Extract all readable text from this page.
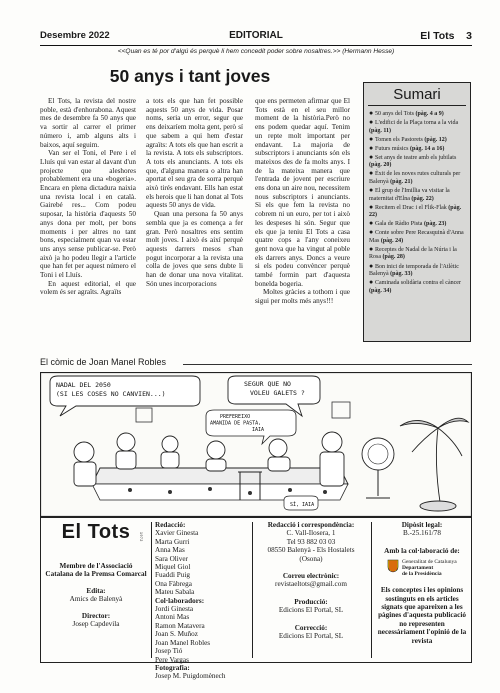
Desembre 2022	EDITORIAL	El Tots 3
<<Quan es té por d'algú és perquè li hem concedit poder sobre nosaltres.>> (Hermann Hesse)
50 anys i tant joves

El Tots, la revista del nostre poble, està d'enhorabona. Aquest mes de desembre fa 50 anys que va sortir al carrer el primer número i, amb alguns alts i baixos, aquí seguim.

Van ser el Toni, el Pere i el Lluís qui van estar al davant d'un projecte que aleshores probablement era una «bogeria». Encara en plena dictadura naixia una revista local i en català. Gairebé res... Com podeu suposar, la història d'aquests 50 anys dona per molt, per bons moments i per altres no tant bons, especialment quan va estar uns anys sense publicar-se. Però això ja ho podeu llegir a l'article que han fet per aquest número el Toni i el Lluís.

En aquest editorial, el que volem és ser agraïts. Agraïts

a tots els que han fet possible aquests 50 anys de vida. Posar noms, seria un error, segur que ens deixaríem molta gent, però sí que sabem a qui hem d'estar agraïts: A tots els que han escrit a la revista. A tots els subscriptors. A tots els anunciants. A tots els que, d'alguna manera o altra han aportat el seu gra de sorra perquè això tirés endavant. Ells han estat els herois que li han donat al Tots aquests 50 anys de vida.

Quan una persona fa 50 anys sembla que ja es comença a fer gran. Però nosaltres ens sentim molt joves. I això és així perquè aquests darrers mesos s'han pogut incorporar a la revista una colla de joves que sens dubte li han de donar una nova vitalitat. Són unes incorporacions

que ens permeten afirmar que El Tots està en el seu millor moment de la història.Però no ens podem quedar aquí. Tenim un repte molt important per endavant. La majoria de subscriptors i anunciants són els mateixos des de fa molts anys. I de la mateixa manera que l'entrada de jovent per escriure ens dona un aire nou, necessitem nous subscriptors i anunciants. Si els que fem la revista no cobrem ni un euro, per tot i això les despeses hi són. Segur que els que ja teniu El Tots a casa quatre cops a l'any coneixeu gent nova que ha vingut al poble els darrers anys. Doncs a veure si els podeu convèncer perquè també formin part d'aquesta bonelda bogeria.

Moltes gràcies a tothom i que sigui per molts més anys!!!

Sumari
● 50 anys del Tots (pàg. 4 a 9)
● L'edifici de la Plaça torna a la vida (pàg. 11)
● Tomen els Pastorets (pàg. 12)
● Futurs músics (pàg. 14 a 16)
● Set anys de teatre amb els jubilats (pàg. 20)
● Èxit de les noves rutes culturals per Balenyà (pàg. 21)
● El grup de l'Imillia va visitar la maternitat d'Elna (pàg. 22)
● Recitem el Drac i el Flik-Flak (pàg. 22)
● Gala de Ràdio Pista (pàg. 23)
● Conte sobre Pere Recasquinà d'Anna Mas (pàg. 24)
● Receptes de Nadal de la Núria i la Rosa (pàg. 28)
● Bon inici de temporada de l'Atlètic Balenyà (pàg. 33)
● Caminada solidària contra el càncer (pàg. 34)
El còmic de Joan Manel Robles
NADAL DEL 2050 (SI LES COSES NO CANVIEN...)
SEGUR QUE NO VOLEU GALETS ?
PREFEREIXO AMANIDA DE PASTA, IAIA
SÍ, IAIA
El Tots	1972
Membre de l'Associació Catalana de la Premsa Comarcal
Edita:
Amics de Balenyà
Director:
Josep Capdevila
Redacció:
Xavier Ginesta
Marta Gurri
Anna Mas
Sara Oliver
Miquel Giol
Fuaddi Puig
Ona Fàbrega
Mateu Sabala
Col·laboradors:
Jordi Ginesta
Antoni Mas
Ramon Matavera
Joan S. Muñoz
Joan Manel Robles
Josep Tió
Pere Vargas
Fotografia:
Josep M. Puigdomènech
Redacció i correspondència:
C. Vall-Ilosera, 1
Tel 93 882 03 03
08550 Balenyà - Els Hostalets
(Osona)
Correu electrònic:
revistaeltots@gmail.com
Producció:
Edicions El Portal, SL
Correcció:
Edicions El Portal, SL
Dipòsit legal:
B.-25.161/78
Amb la col·laboració de:
Generalitat de Catalunya
Departament
de la Presidència
Els conceptes i les opinions sostinguts en els articles signats que apareixen a les pàgines d'aquesta publicació no representen necessàriament l'opinió de la revista
